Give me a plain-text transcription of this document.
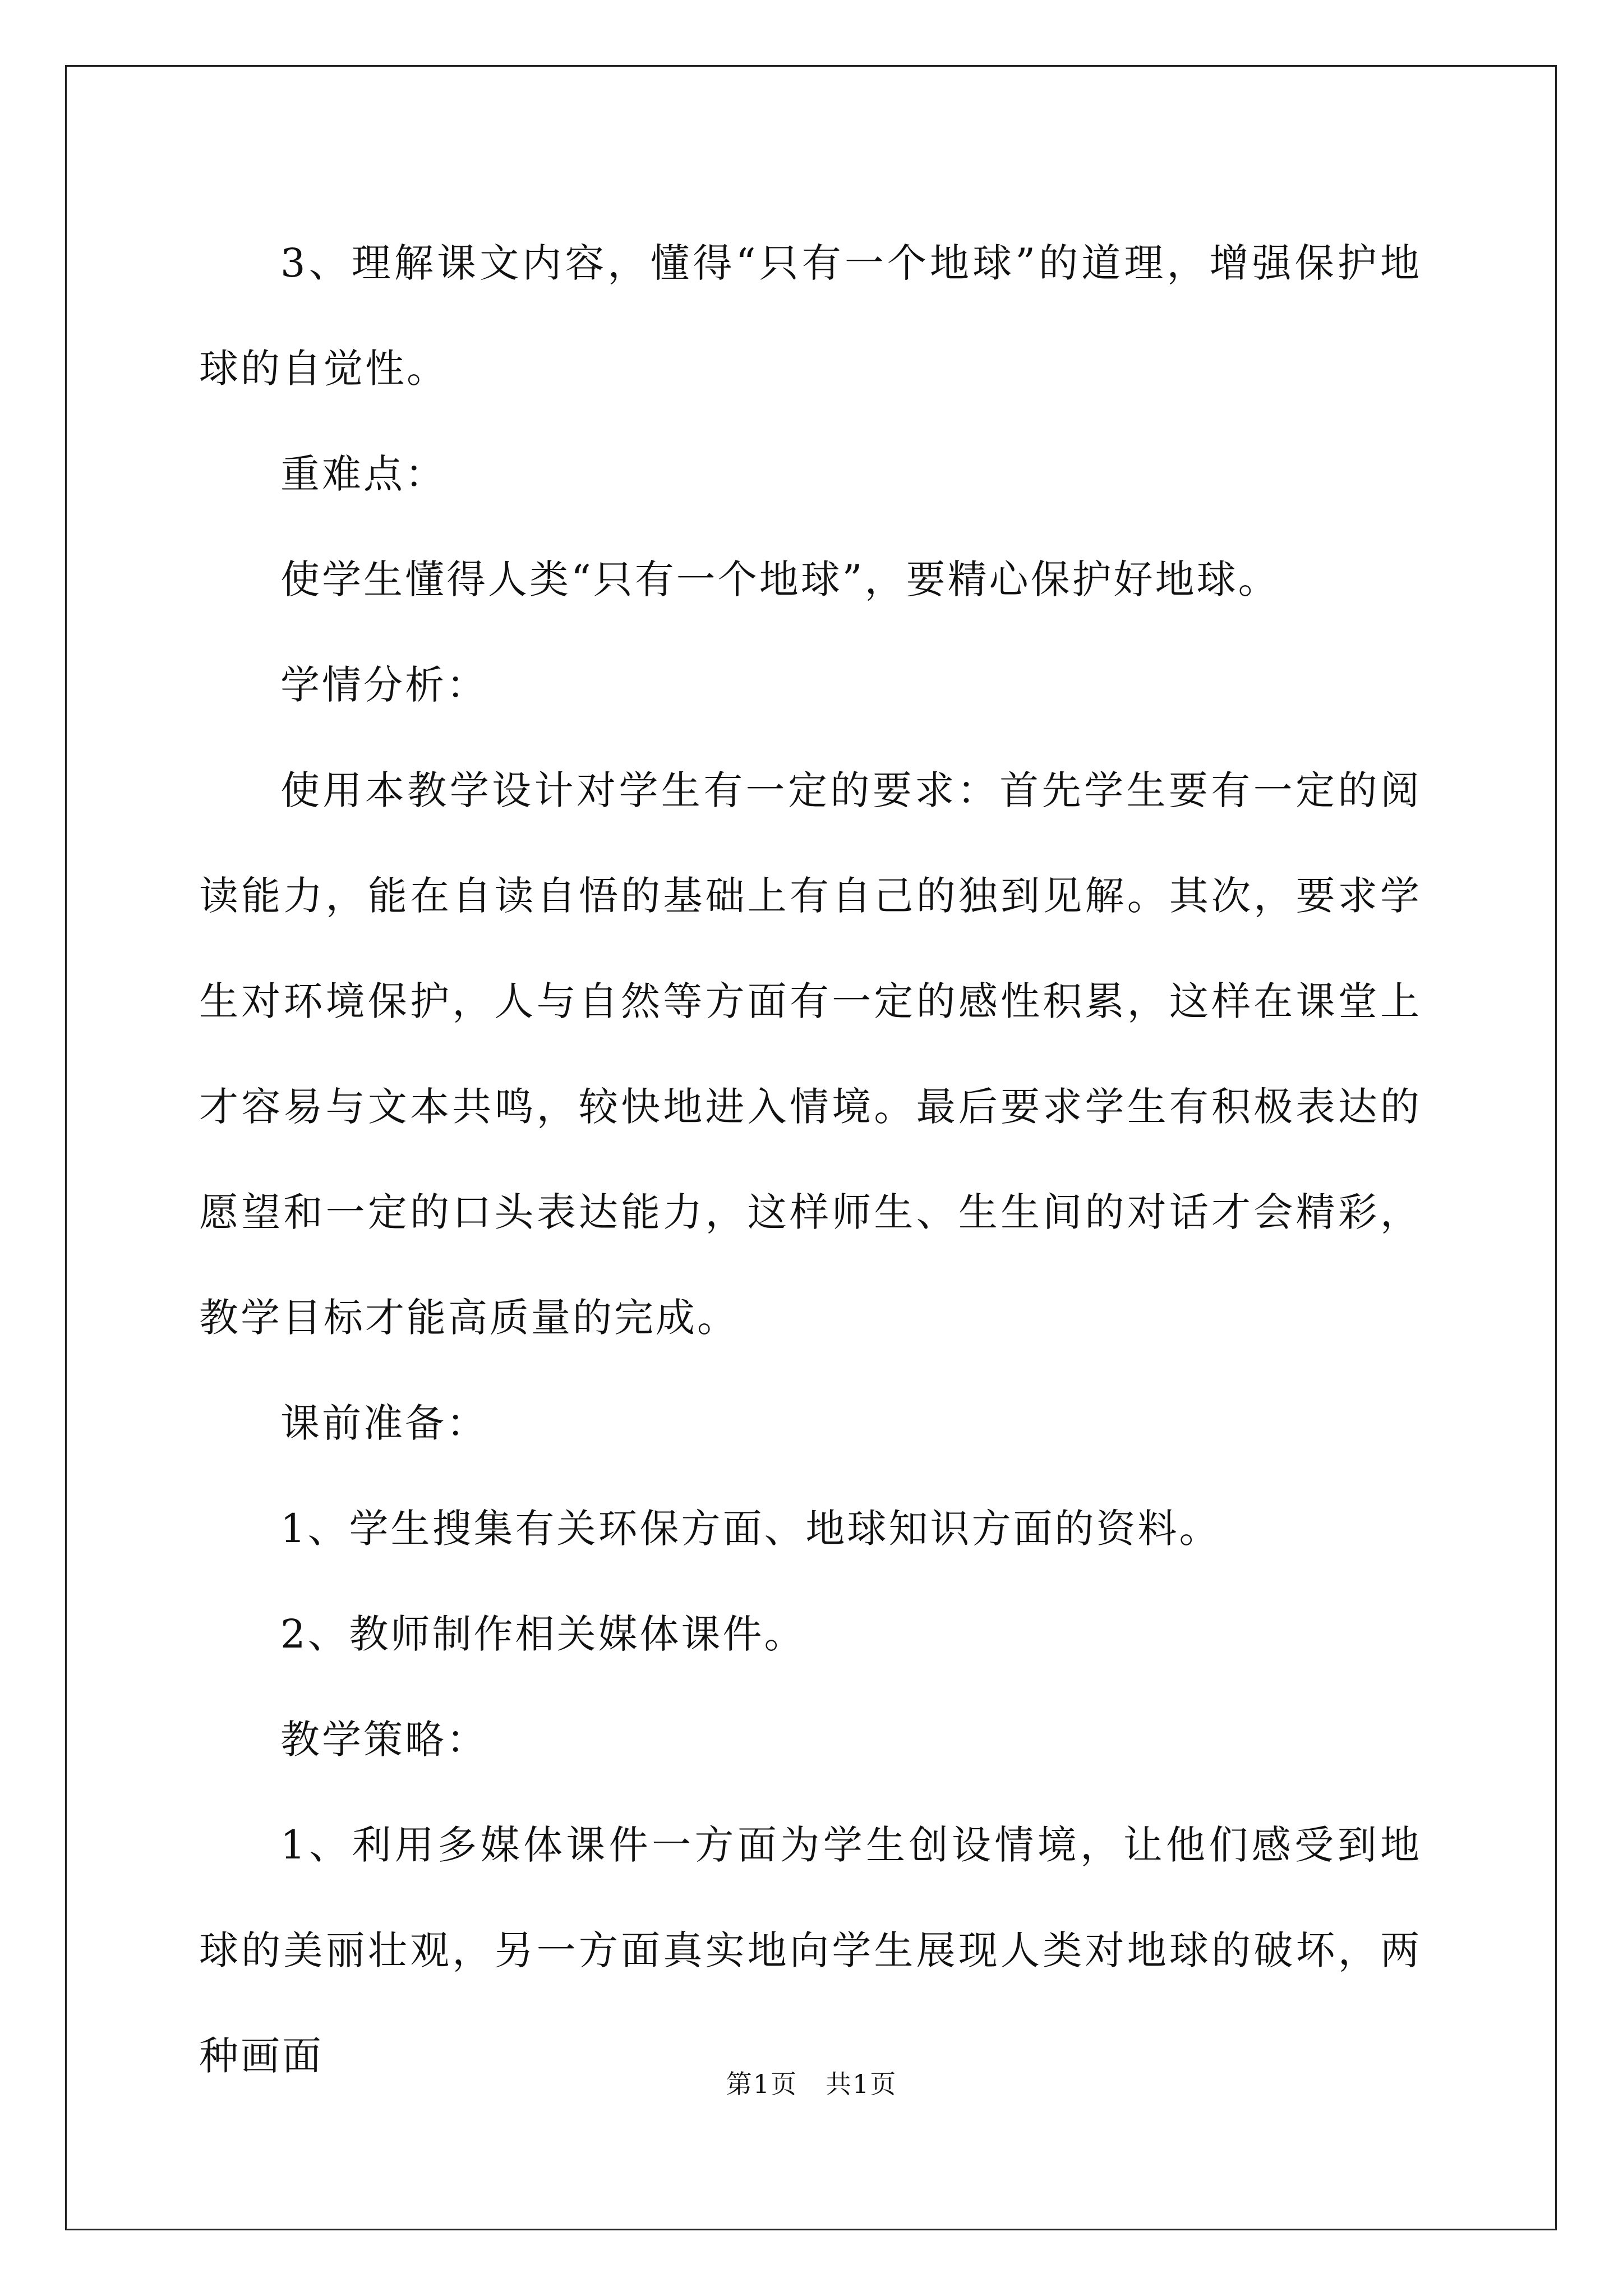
3、理解课文内容，懂得“只有一个地球”的道理，增强保护地球的自觉性。

重难点：

使学生懂得人类“只有一个地球”，要精心保护好地球。

学情分析：

使用本教学设计对学生有一定的要求：首先学生要有一定的阅读能力，能在自读自悟的基础上有自己的独到见解。其次，要求学生对环境保护，人与自然等方面有一定的感性积累，这样在课堂上才容易与文本共鸣，较快地进入情境。最后要求学生有积极表达的愿望和一定的口头表达能力，这样师生、生生间的对话才会精彩，教学目标才能高质量的完成。

课前准备：

1、学生搜集有关环保方面、地球知识方面的资料。

2、教师制作相关媒体课件。

教学策略：

1、利用多媒体课件一方面为学生创设情境，让他们感受到地球的美丽壮观，另一方面真实地向学生展现人类对地球的破坏，两种画面

第1页 共1页
